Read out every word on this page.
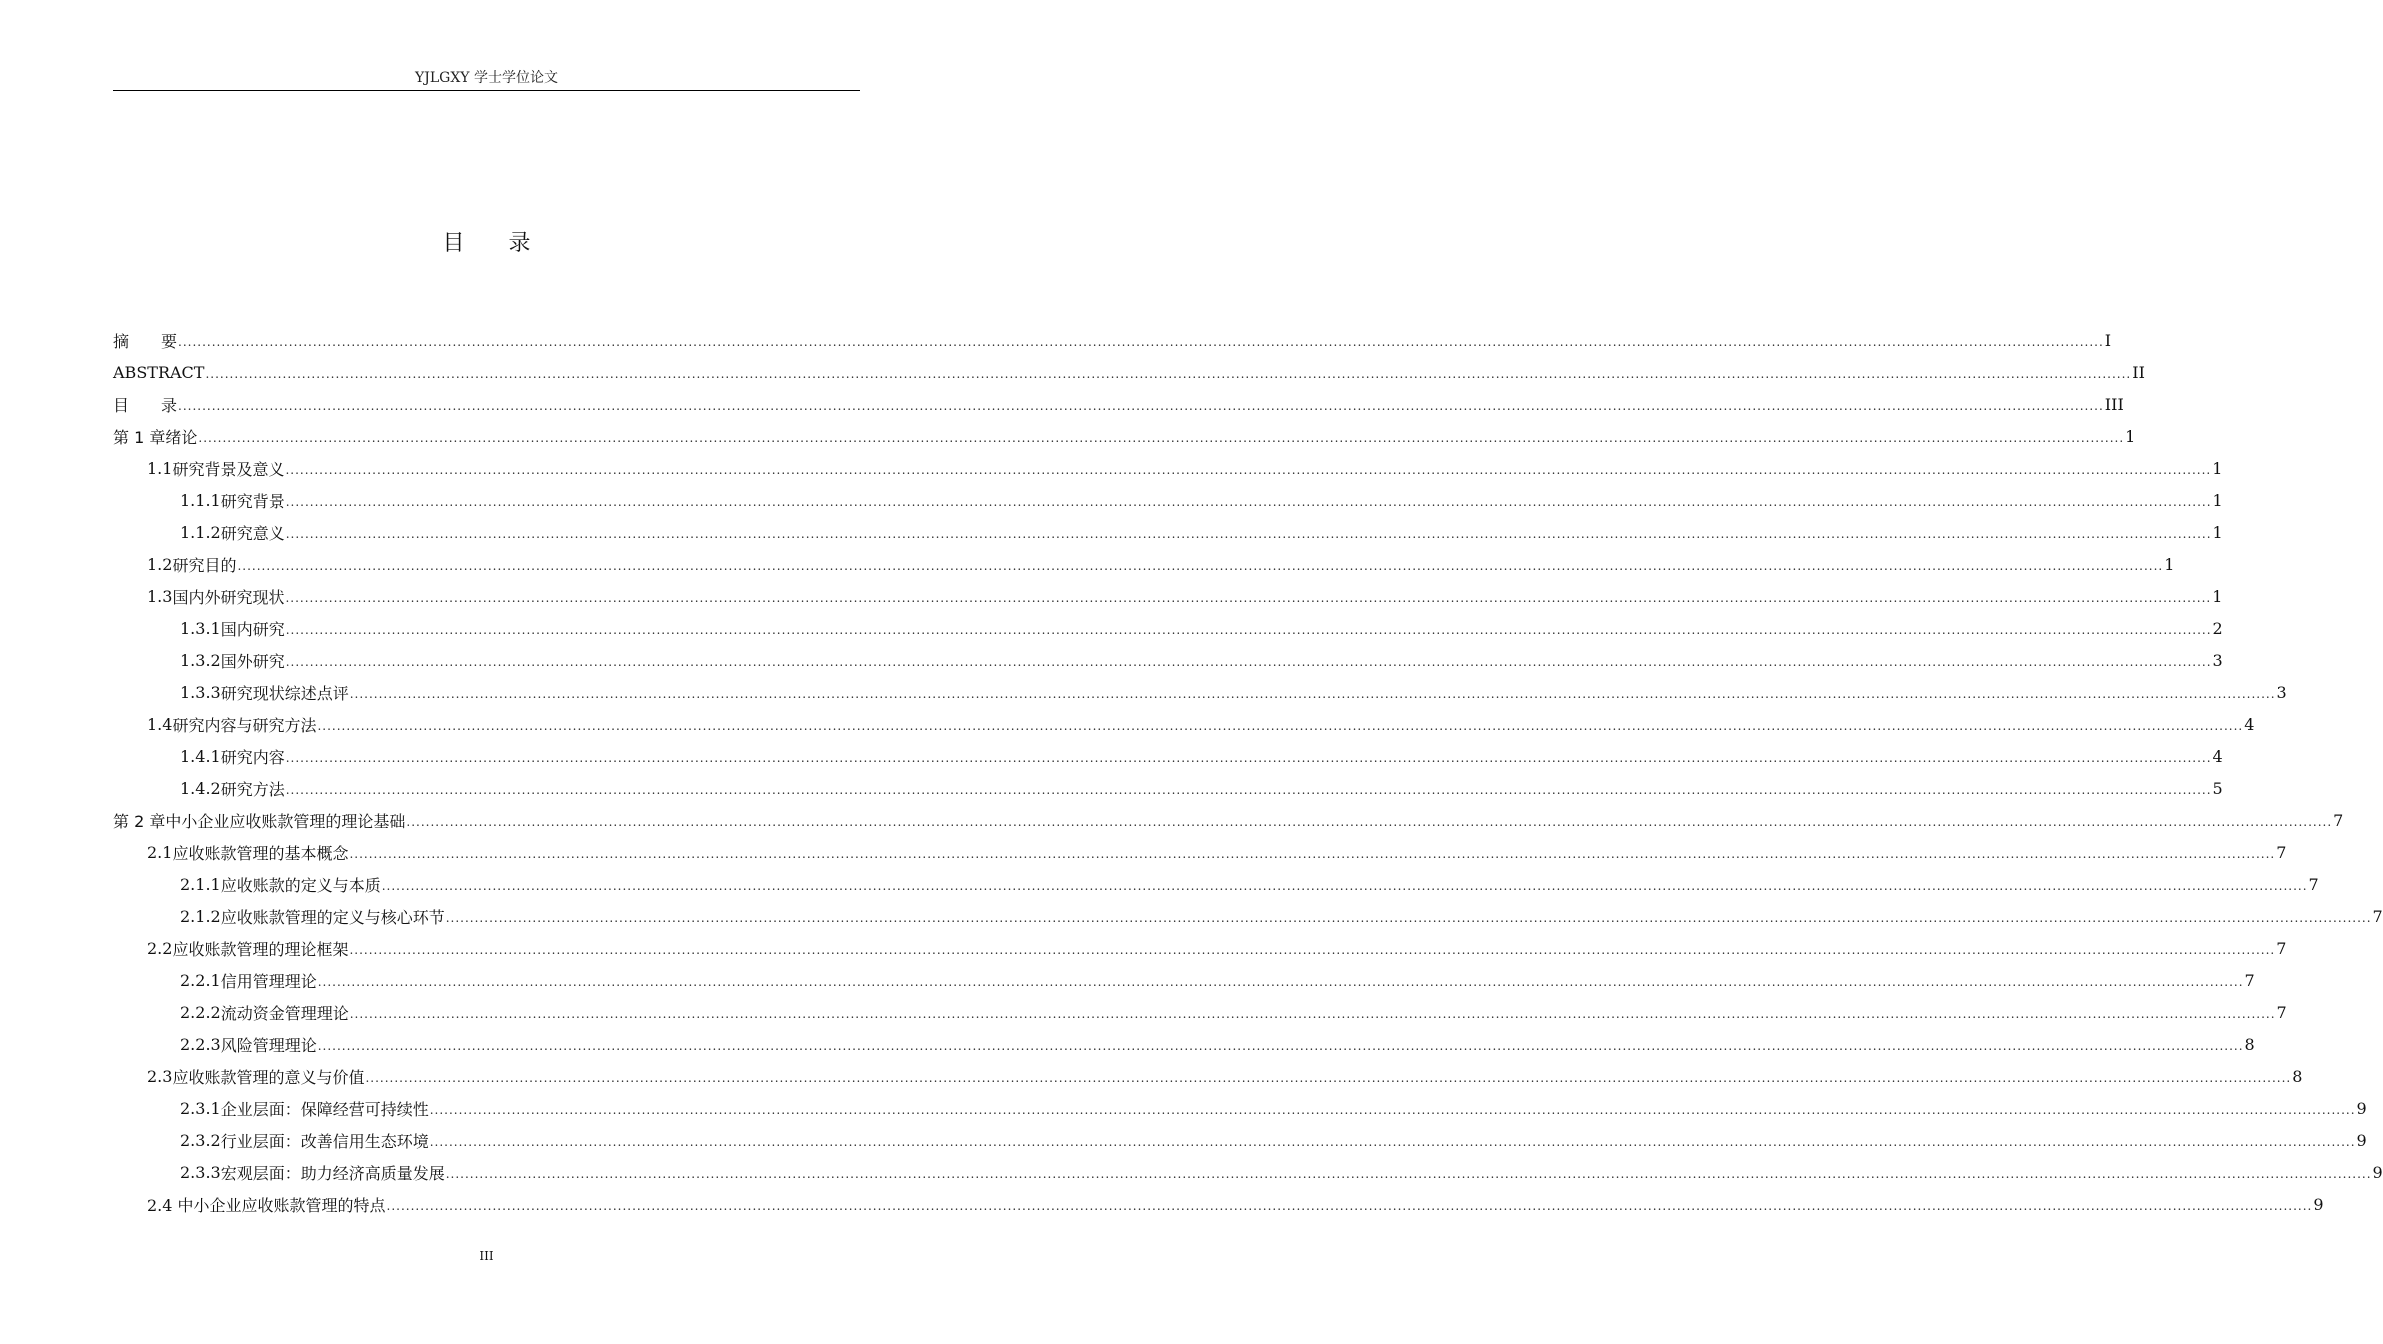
YJLGXY 学士学位论文
目 录
摘　　要 ................................................................................................................................................................................................................................................................................................................................................................................................................ I
ABSTRACT ................................................................................................................................................................................................................................................................................................................................................................................................................ II
目　　录 ................................................................................................................................................................................................................................................................................................................................................................................................................ III
第 1 章 绪论 ................................................................................................................................................................................................................................................................................................................................................................................................................ 1
1.1 研究背景及意义 ................................................................................................................................................................................................................................................................................................................................................................................................................ 1
1.1.1 研究背景 ................................................................................................................................................................................................................................................................................................................................................................................................................ 1
1.1.2 研究意义 ................................................................................................................................................................................................................................................................................................................................................................................................................ 1
1.2 研究目的 ................................................................................................................................................................................................................................................................................................................................................................................................................ 1
1.3 国内外研究现状 ................................................................................................................................................................................................................................................................................................................................................................................................................ 1
1.3.1 国内研究 ................................................................................................................................................................................................................................................................................................................................................................................................................ 2
1.3.2 国外研究 ................................................................................................................................................................................................................................................................................................................................................................................................................ 3
1.3.3 研究现状综述点评 ................................................................................................................................................................................................................................................................................................................................................................................................................ 3
1.4 研究内容与研究方法 ................................................................................................................................................................................................................................................................................................................................................................................................................ 4
1.4.1 研究内容 ................................................................................................................................................................................................................................................................................................................................................................................................................ 4
1.4.2 研究方法 ................................................................................................................................................................................................................................................................................................................................................................................................................ 5
第 2 章 中小企业应收账款管理的理论基础 ................................................................................................................................................................................................................................................................................................................................................................................................................ 7
2.1 应收账款管理的基本概念 ................................................................................................................................................................................................................................................................................................................................................................................................................ 7
2.1.1 应收账款的定义与本质 ................................................................................................................................................................................................................................................................................................................................................................................................................ 7
2.1.2 应收账款管理的定义与核心环节 ................................................................................................................................................................................................................................................................................................................................................................................................................ 7
2.2 应收账款管理的理论框架 ................................................................................................................................................................................................................................................................................................................................................................................................................ 7
2.2.1 信用管理理论 ................................................................................................................................................................................................................................................................................................................................................................................................................ 7
2.2.2 流动资金管理理论 ................................................................................................................................................................................................................................................................................................................................................................................................................ 7
2.2.3 风险管理理论 ................................................................................................................................................................................................................................................................................................................................................................................................................ 8
2.3 应收账款管理的意义与价值 ................................................................................................................................................................................................................................................................................................................................................................................................................ 8
2.3.1 企业层面：保障经营可持续性 ................................................................................................................................................................................................................................................................................................................................................................................................................ 9
2.3.2 行业层面：改善信用生态环境 ................................................................................................................................................................................................................................................................................................................................................................................................................ 9
2.3.3 宏观层面：助力经济高质量发展 ................................................................................................................................................................................................................................................................................................................................................................................................................ 9
2.4 中小企业应收账款管理的特点 ................................................................................................................................................................................................................................................................................................................................................................................................................ 9
III
